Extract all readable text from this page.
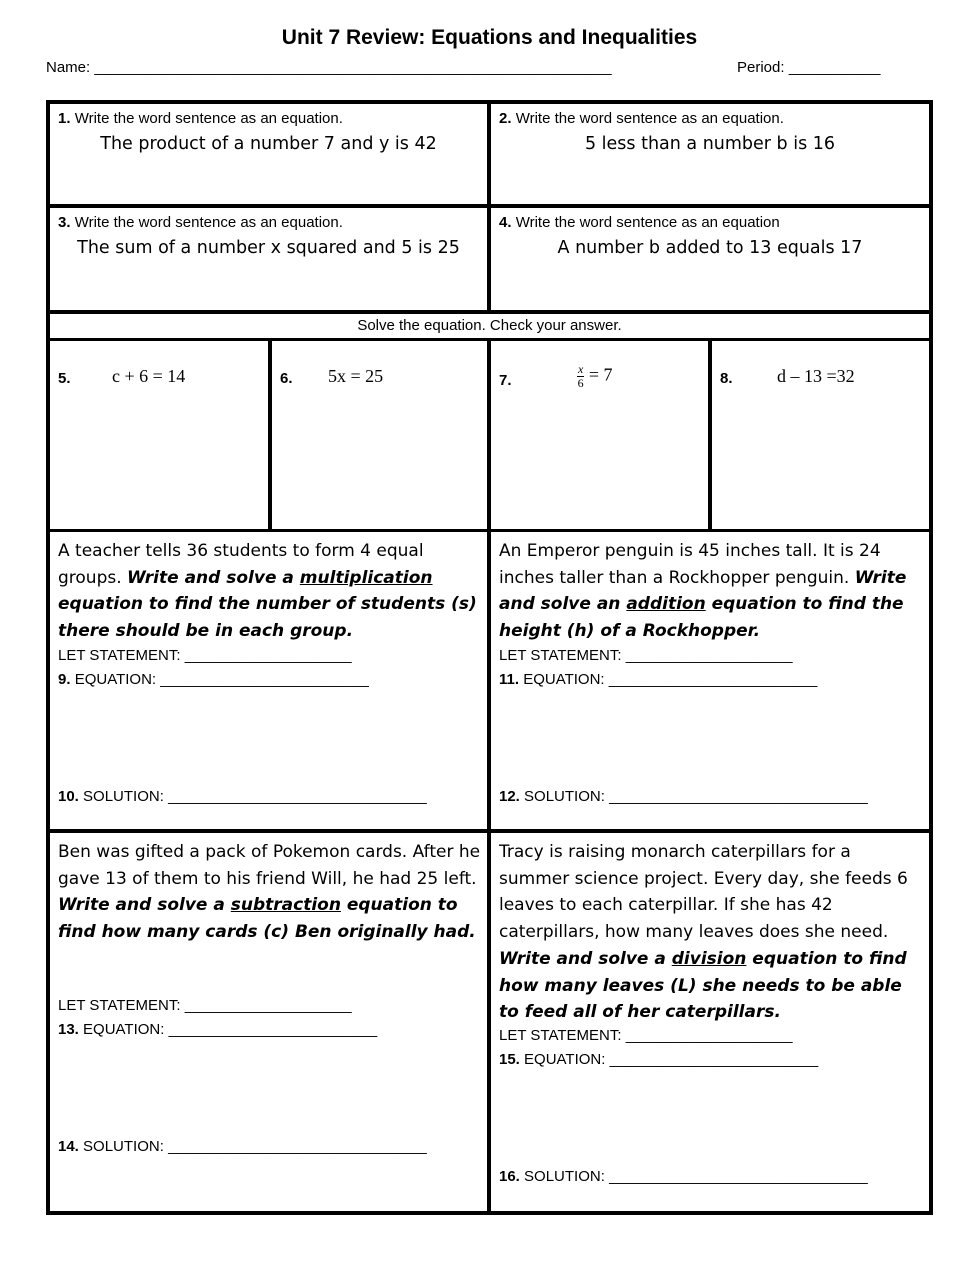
Unit 7 Review: Equations and Inequalities
Name: ______________________________________________________________	Period: ___________
1. Write the word sentence as an equation.
The product of a number 7 and y is 42
2. Write the word sentence as an equation.
5 less than a number b is 16
3. Write the word sentence as an equation.
The sum of a number x squared and 5 is 25
4. Write the word sentence as an equation
A number b added to 13 equals 17
Solve the equation. Check your answer.
5. c + 6 = 14	6. 5x = 25	7.	$\frac{x}{6} = 7$	8. d – 13 =32
A teacher tells 36 students to form 4 equal groups. Write and solve a multiplication equation to find the number of students (s) there should be in each group.
LET STATEMENT: ____________________
9. EQUATION: _________________________
10. SOLUTION: _______________________________
An Emperor penguin is 45 inches tall. It is 24 inches taller than a Rockhopper penguin. Write and solve an addition equation to find the height (h) of a Rockhopper.
LET STATEMENT: ____________________
11. EQUATION: _________________________
12. SOLUTION: _______________________________
Ben was gifted a pack of Pokemon cards. After he gave 13 of them to his friend Will, he had 25 left. Write and solve a subtraction equation to find how many cards (c) Ben originally had.
LET STATEMENT: ____________________
13. EQUATION: _________________________
14. SOLUTION: _______________________________
Tracy is raising monarch caterpillars for a summer science project. Every day, she feeds 6 leaves to each caterpillar. If she has 42 caterpillars, how many leaves does she need. Write and solve a division equation to find how many leaves (L) she needs to be able to feed all of her caterpillars.
LET STATEMENT: ____________________
15. EQUATION: _________________________
16. SOLUTION: _______________________________
